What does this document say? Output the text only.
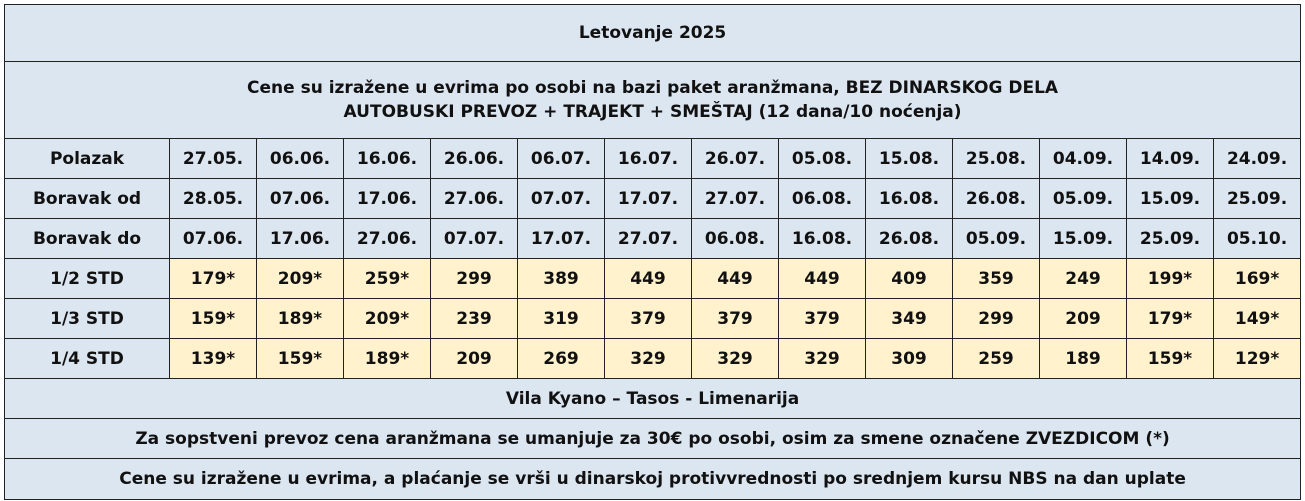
Letovanje 2025													

Cene su izražene u evrima po osobi na bazi paket aranžmana, BEZ DINARSKOG DELA
AUTOBUSKI PREVOZ + TRAJEKT + SMEŠTAJ (12 dana/10 noćenja)													

Polazak	27.05.	06.06.	16.06.	26.06.	06.07.	16.07.	26.07.	05.08.	15.08.	25.08.	04.09.	14.09.	24.09.
Boravak od	28.05.	07.06.	17.06.	27.06.	07.07.	17.07.	27.07.	06.08.	16.08.	26.08.	05.09.	15.09.	25.09.
Boravak do	07.06.	17.06.	27.06.	07.07.	17.07.	27.07.	06.08.	16.08.	26.08.	05.09.	15.09.	25.09.	05.10.
1/2 STD	179*	209*	259*	299	389	449	449	449	409	359	249	199*	169*
1/3 STD	159*	189*	209*	239	319	379	379	379	349	299	209	179*	149*
1/4 STD	139*	159*	189*	209	269	329	329	329	309	259	189	159*	129*
Vila Kyano – Tasos - Limenarija													
Za sopstveni prevoz cena aranžmana se umanjuje za 30€ po osobi, osim za smene označene ZVEZDICOM (*)													
Cene su izražene u evrima, a plaćanje se vrši u dinarskoj protivvrednosti po srednjem kursu NBS na dan uplate													
